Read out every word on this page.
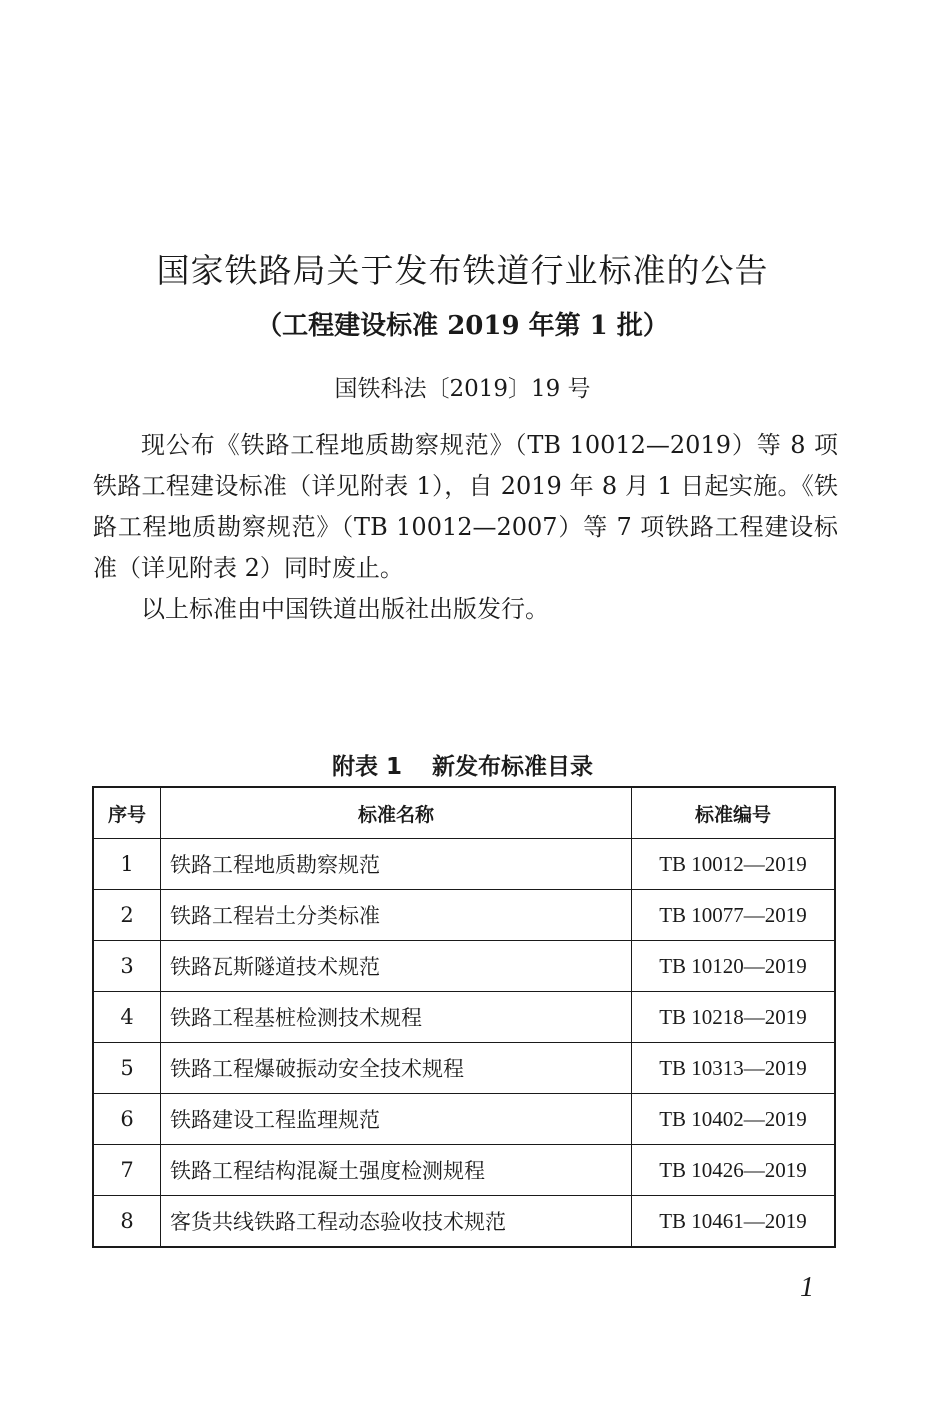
国家铁路局关于发布铁道行业标准的公告
（工程建设标准 2019 年第 1 批）
国铁科法〔2019〕19 号

现公布《铁路工程地质勘察规范》（TB 10012—2019）等 8 项铁路工程建设标准（详见附表 1），自 2019 年 8 月 1 日起实施。《铁路工程地质勘察规范》（TB 10012—2007）等 7 项铁路工程建设标准（详见附表 2）同时废止。

以上标准由中国铁道出版社出版发行。

附表 1 新发布标准目录
序号	标准名称	标准编号
1	铁路工程地质勘察规范	TB 10012—2019
2	铁路工程岩土分类标准	TB 10077—2019
3	铁路瓦斯隧道技术规范	TB 10120—2019
4	铁路工程基桩检测技术规程	TB 10218—2019
5	铁路工程爆破振动安全技术规程	TB 10313—2019
6	铁路建设工程监理规范	TB 10402—2019
7	铁路工程结构混凝土强度检测规程	TB 10426—2019
8	客货共线铁路工程动态验收技术规范	TB 10461—2019
1
